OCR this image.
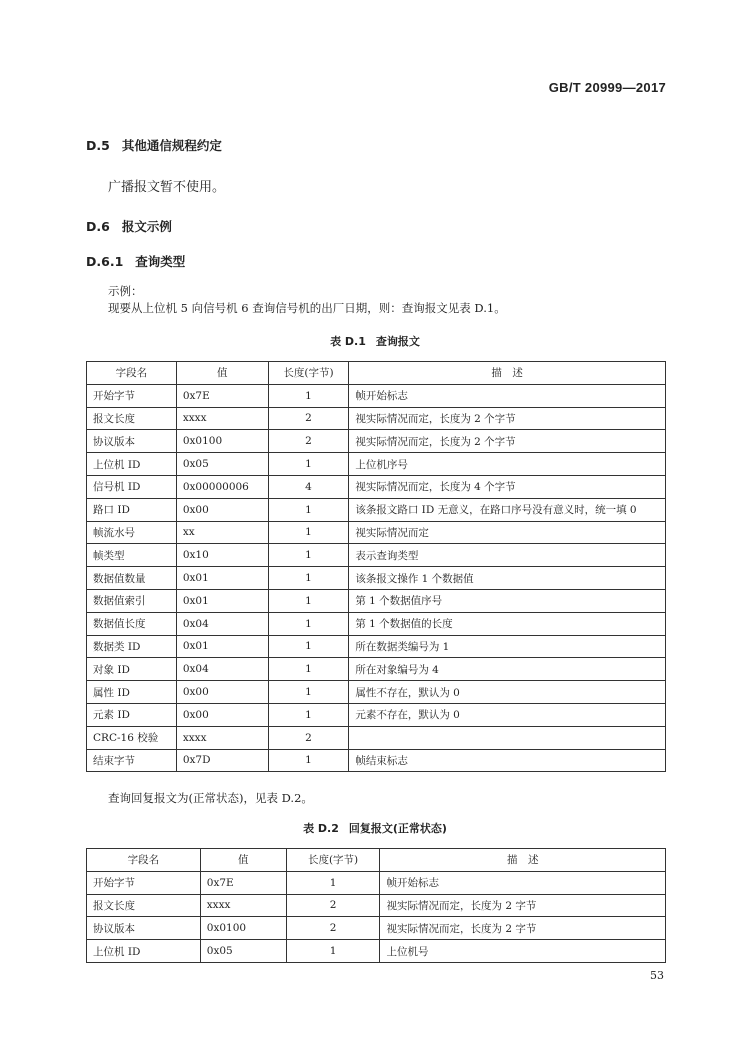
GB/T 20999—2017
D.5 其他通信规程约定
广播报文暂不使用。
D.6 报文示例
D.6.1 查询类型
示例：
现要从上位机 5 向信号机 6 查询信号机的出厂日期，则：查询报文见表 D.1。
表 D.1 查询报文
字段名	值	长度(字节)	描　述
开始字节	0x7E	1	帧开始标志
报文长度	xxxx	2	视实际情况而定，长度为 2 个字节
协议版本	0x0100	2	视实际情况而定，长度为 2 个字节
上位机 ID	0x05	1	上位机序号
信号机 ID	0x00000006	4	视实际情况而定，长度为 4 个字节
路口 ID	0x00	1	该条报文路口 ID 无意义，在路口序号没有意义时，统一填 0
帧流水号	xx	1	视实际情况而定
帧类型	0x10	1	表示查询类型
数据值数量	0x01	1	该条报文操作 1 个数据值
数据值索引	0x01	1	第 1 个数据值序号
数据值长度	0x04	1	第 1 个数据值的长度
数据类 ID	0x01	1	所在数据类编号为 1
对象 ID	0x04	1	所在对象编号为 4
属性 ID	0x00	1	属性不存在，默认为 0
元素 ID	0x00	1	元素不存在，默认为 0
CRC-16 校验	xxxx	2	
结束字节	0x7D	1	帧结束标志
查询回复报文为(正常状态)，见表 D.2。
表 D.2 回复报文(正常状态)
字段名	值	长度(字节)	描　述
开始字节	0x7E	1	帧开始标志
报文长度	xxxx	2	视实际情况而定，长度为 2 字节
协议版本	0x0100	2	视实际情况而定，长度为 2 字节
上位机 ID	0x05	1	上位机号
53
